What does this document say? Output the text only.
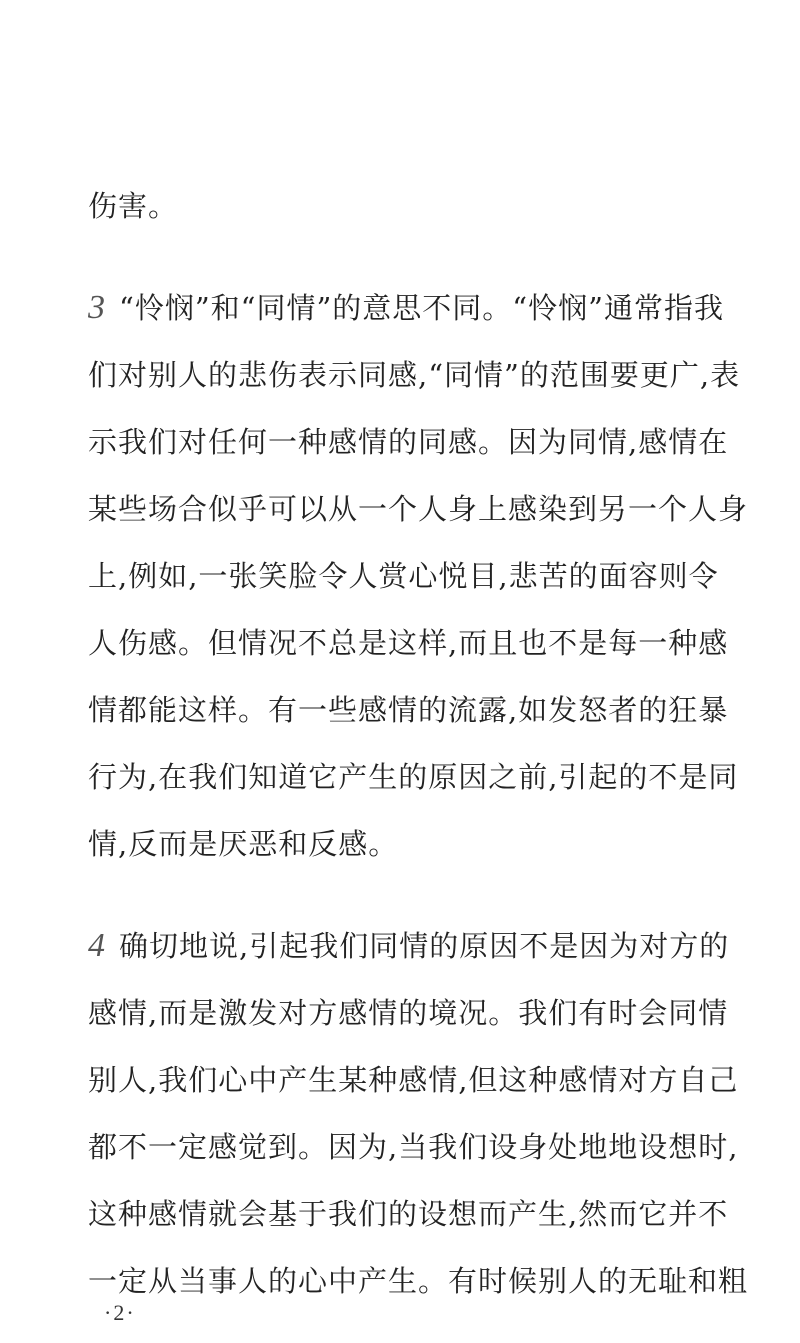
伤害。
3 “怜悯”和“同情”的意思不同。“怜悯”通常指我
们对别人的悲伤表示同感,“同情”的范围要更广,表
示我们对任何一种感情的同感。因为同情,感情在
某些场合似乎可以从一个人身上感染到另一个人身
上,例如,一张笑脸令人赏心悦目,悲苦的面容则令
人伤感。但情况不总是这样,而且也不是每一种感
情都能这样。有一些感情的流露,如发怒者的狂暴
行为,在我们知道它产生的原因之前,引起的不是同
情,反而是厌恶和反感。
4 确切地说,引起我们同情的原因不是因为对方的
感情,而是激发对方感情的境况。我们有时会同情
别人,我们心中产生某种感情,但这种感情对方自己
都不一定感觉到。因为,当我们设身处地地设想时,
这种感情就会基于我们的设想而产生,然而它并不
一定从当事人的心中产生。有时候别人的无耻和粗
·2·
